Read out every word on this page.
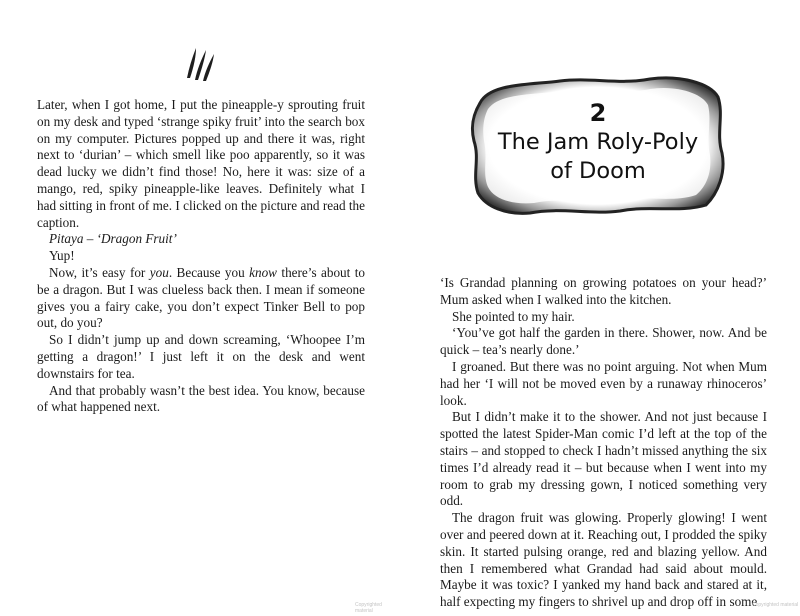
Later, when I got home, I put the pineapple-y sprouting fruit on my desk and typed ‘strange spiky fruit’ into the search box on my computer. Pictures popped up and there it was, right next to ‘durian’ – which smell like poo apparently, so it was dead lucky we didn’t find those! No, here it was: size of a mango, red, spiky pineapple-like leaves. Definitely what I had sitting in front of me. I clicked on the picture and read the caption.

Pitaya – ‘Dragon Fruit’

Yup!

Now, it’s easy for you. Because you know there’s about to be a dragon. But I was clueless back then. I mean if someone gives you a fairy cake, you don’t expect Tinker Bell to pop out, do you?

So I didn’t jump up and down screaming, ‘Whoopee I’m getting a dragon!’ I just left it on the desk and went downstairs for tea.

And that probably wasn’t the best idea. You know, because of what happened next.

Copyrighted material
2
The Jam Roly-Poly
of Doom

‘Is Grandad planning on growing potatoes on your head?’ Mum asked when I walked into the kitchen.

She pointed to my hair.

‘You’ve got half the garden in there. Shower, now. And be quick – tea’s nearly done.’

I groaned. But there was no point arguing. Not when Mum had her ‘I will not be moved even by a runaway rhinoceros’ look.

But I didn’t make it to the shower. And not just because I spotted the latest Spider-Man comic I’d left at the top of the stairs – and stopped to check I hadn’t missed anything the six times I’d already read it – but because when I went into my room to grab my dressing gown, I noticed something very odd.

The dragon fruit was glowing. Properly glowing! I went over and peered down at it. Reaching out, I prodded the spiky skin. It started pulsing orange, red and blazing yellow. And then I remembered what Grandad had said about mould. Maybe it was toxic? I yanked my hand back and stared at it, half expecting my fingers to shrivel up and drop off in some

Copyrighted material
